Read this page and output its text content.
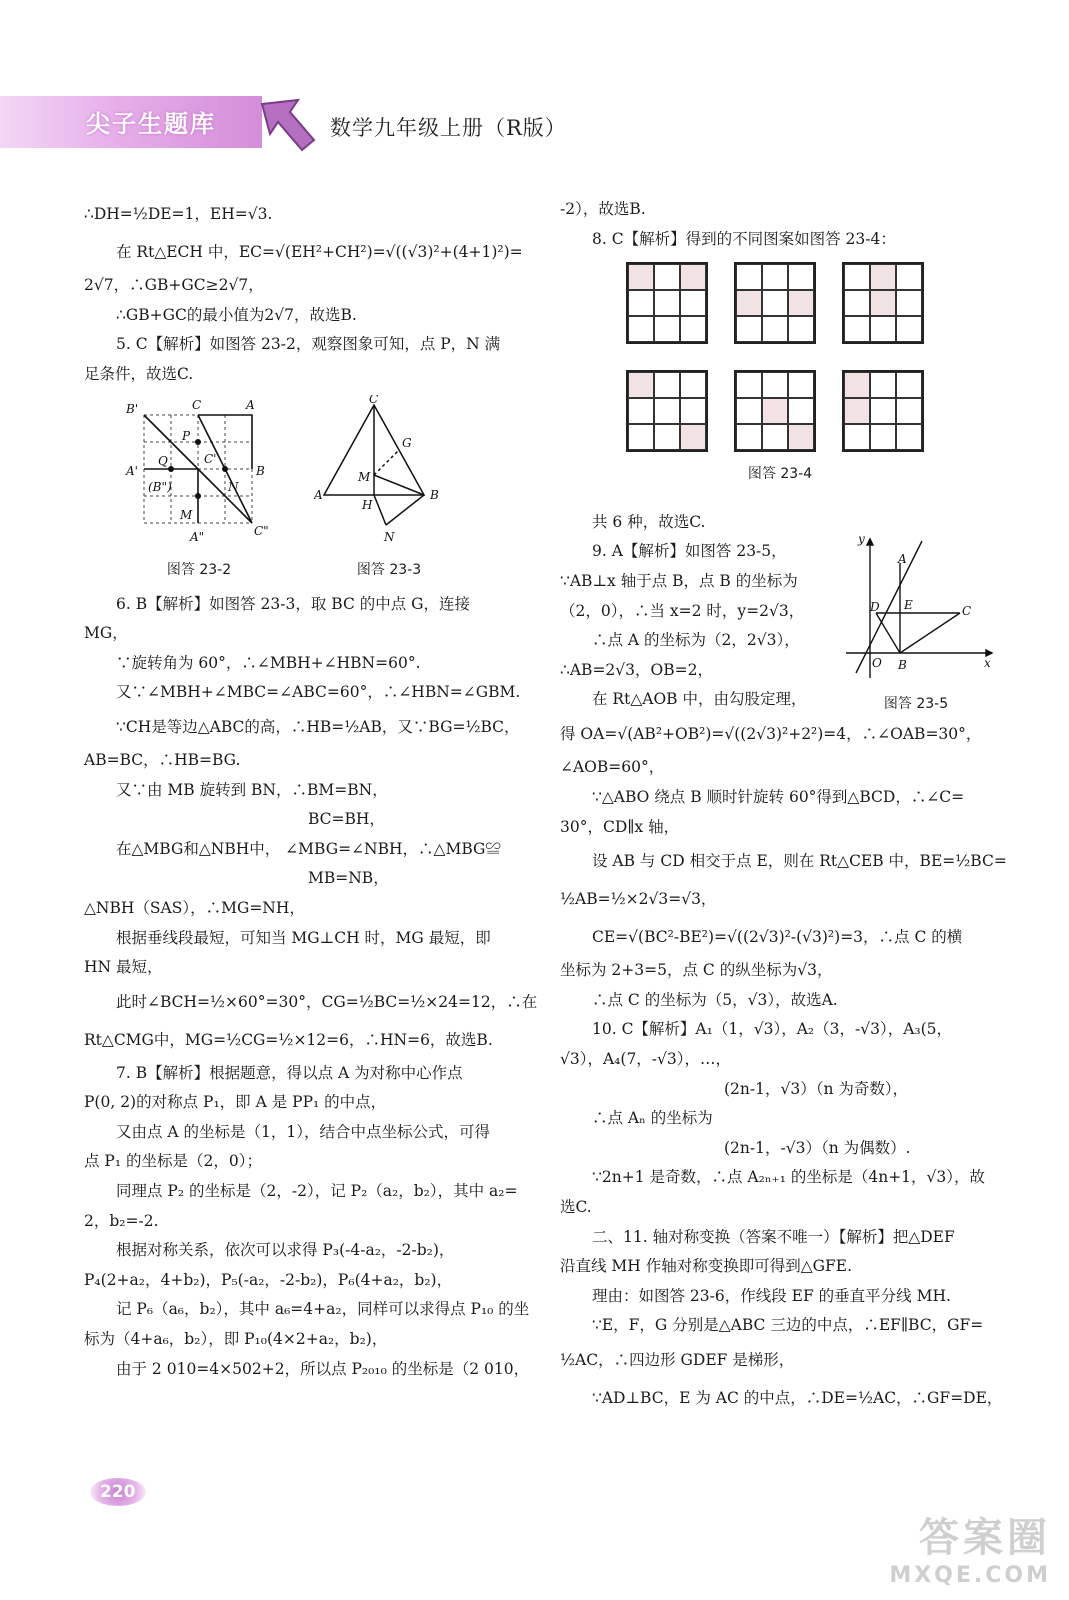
尖子生题库	数学九年级上册（R版）
∴DH=½DE=1，EH=√3.
在 Rt△ECH 中，EC=√(EH²+CH²)=√((√3)²+(4+1)²)=
2√7，∴GB+GC≥2√7，
∴GB+GC的最小值为2√7，故选B.
5. C【解析】如图答 23-2，观察图象可知，点 P，N 满
足条件，故选C.
B'	C	A
A'	B
P
Q	C'
(B")	N
M
A"	C"
图答 23-2
C
G
M
A	B
H
N
图答 23-3
6. B【解析】如图答 23-3，取 BC 的中点 G，连接
MG，
∵旋转角为 60°，∴∠MBH+∠HBN=60°.
又∵∠MBH+∠MBC=∠ABC=60°，∴∠HBN=∠GBM.
∵CH是等边△ABC的高，∴HB=½AB，又∵BG=½BC，
AB=BC，∴HB=BG.
又∵由 MB 旋转到 BN，∴BM=BN，
BC=BH，
在△MBG和△NBH中， ∠MBG=∠NBH，∴△MBG≌
MB=NB，
△NBH（SAS），∴MG=NH，
根据垂线段最短，可知当 MG⊥CH 时，MG 最短，即
HN 最短，
此时∠BCH=½×60°=30°，CG=½BC=½×24=12，∴在
Rt△CMG中，MG=½CG=½×12=6，∴HN=6，故选B.
7. B【解析】根据题意，得以点 A 为对称中心作点
P(0, 2)的对称点 P₁，即 A 是 PP₁ 的中点，
又由点 A 的坐标是（1，1），结合中点坐标公式，可得
点 P₁ 的坐标是（2，0）；
同理点 P₂ 的坐标是（2，-2），记 P₂（a₂，b₂），其中 a₂=
2，b₂=-2.
根据对称关系，依次可以求得 P₃(-4-a₂，-2-b₂)，
P₄(2+a₂，4+b₂)，P₅(-a₂，-2-b₂)，P₆(4+a₂，b₂)，
记 P₆（a₆，b₂），其中 a₆=4+a₂，同样可以求得点 P₁₀ 的坐
标为（4+a₆，b₂），即 P₁₀(4×2+a₂，b₂)，
由于 2 010=4×502+2，所以点 P₂₀₁₀ 的坐标是（2 010，
-2），故选B.
8. C【解析】得到的不同图案如图答 23-4：
图答 23-4
共 6 种，故选C.
9. A【解析】如图答 23-5，
∵AB⊥x 轴于点 B，点 B 的坐标为
（2，0），∴当 x=2 时，y=2√3，
∴点 A 的坐标为（2，2√3），
∴AB=2√3，OB=2，
在 Rt△AOB 中，由勾股定理，
y
A
D E	C
O B	x
图答 23-5
得 OA=√(AB²+OB²)=√((2√3)²+2²)=4，∴∠OAB=30°，
∠AOB=60°，
∵△ABO 绕点 B 顺时针旋转 60°得到△BCD，∴∠C=
30°，CD∥x 轴，
设 AB 与 CD 相交于点 E，则在 Rt△CEB 中，BE=½BC=
½AB=½×2√3=√3，
CE=√(BC²-BE²)=√((2√3)²-(√3)²)=3，∴点 C 的横
坐标为 2+3=5，点 C 的纵坐标为√3，
∴点 C 的坐标为（5，√3），故选A.
10. C【解析】A₁（1，√3），A₂（3，-√3），A₃(5，
√3），A₄(7，-√3），…，
(2n-1，√3）（n 为奇数），
∴点 Aₙ 的坐标为
(2n-1，-√3）（n 为偶数）.
∵2n+1 是奇数，∴点 A₂ₙ₊₁ 的坐标是（4n+1，√3），故
选C.
二、11. 轴对称变换（答案不唯一）【解析】把△DEF
沿直线 MH 作轴对称变换即可得到△GFE.
理由：如图答 23-6，作线段 EF 的垂直平分线 MH.
∵E，F，G 分别是△ABC 三边的中点，∴EF∥BC，GF=
½AC，∴四边形 GDEF 是梯形，
∵AD⊥BC，E 为 AC 的中点，∴DE=½AC，∴GF=DE，
220
答案圈
MXQE.COM
